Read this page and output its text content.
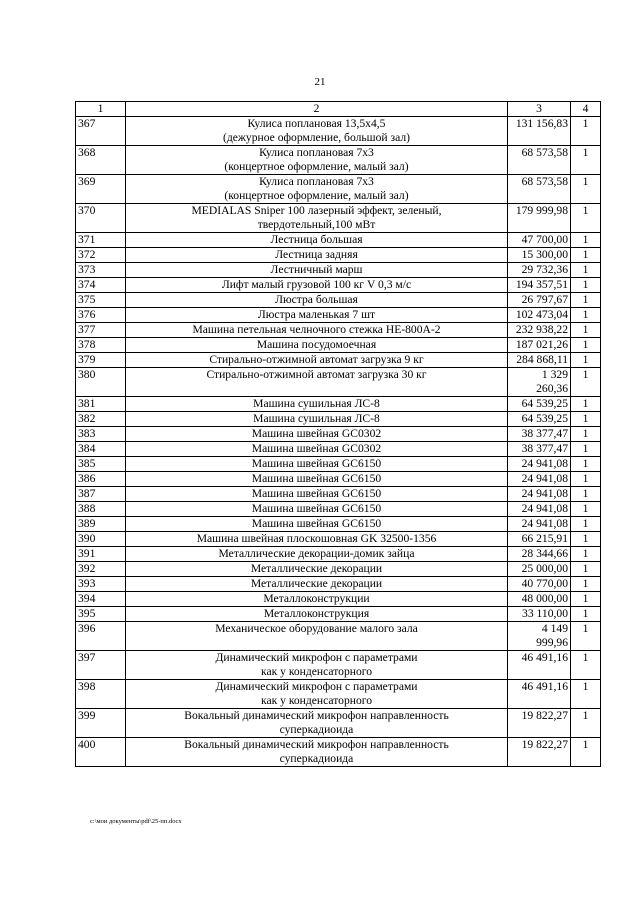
21
1	2	3	4
367	Кулиса поплановая 13,5х4,5
(дежурное оформление, большой зал)	131 156,83	1
368	Кулиса поплановая 7х3
(концертное оформление, малый зал)	68 573,58	1
369	Кулиса поплановая 7х3
(концертное оформление, малый зал)	68 573,58	1
370	MEDIALAS Sniper 100 лазерный эффект, зеленый,
твердотельный,100 мВт	179 999,98	1
371	Лестница большая	47 700,00	1
372	Лестница задняя	15 300,00	1
373	Лестничный марш	29 732,36	1
374	Лифт малый грузовой 100 кг V 0,3 м/с	194 357,51	1
375	Люстра большая	26 797,67	1
376	Люстра маленькая 7 шт	102 473,04	1
377	Машина петельная челночного стежка НЕ-800А-2	232 938,22	1
378	Машина посудомоечная	187 021,26	1
379	Стирально-отжимной автомат загрузка 9 кг	284 868,11	1
380	Стирально-отжимной автомат загрузка 30 кг	1 329 260,36	1
381	Машина сушильная ЛС-8	64 539,25	1
382	Машина сушильная ЛС-8	64 539,25	1
383	Машина швейная GC0302	38 377,47	1
384	Машина швейная GC0302	38 377,47	1
385	Машина швейная GC6150	24 941,08	1
386	Машина швейная GC6150	24 941,08	1
387	Машина швейная GC6150	24 941,08	1
388	Машина швейная GC6150	24 941,08	1
389	Машина швейная GC6150	24 941,08	1
390	Машина швейная плоскошовная GK 32500-1356	66 215,91	1
391	Металлические декорации-домик зайца	28 344,66	1
392	Металлические декорации	25 000,00	1
393	Металлические декорации	40 770,00	1
394	Металлоконструкции	48 000,00	1
395	Металлоконструкция	33 110,00	1
396	Механическое оборудование малого зала	4 149 999,96	1
397	Динамический микрофон с параметрами
как у конденсаторного	46 491,16	1
398	Динамический микрофон с параметрами
как у конденсаторного	46 491,16	1
399	Вокальный динамический микрофон направленность
суперкадиоида	19 822,27	1
400	Вокальный динамический микрофон направленность
суперкадиоида	19 822,27	1
c:\мои документы\pdf\25-пп.docx
